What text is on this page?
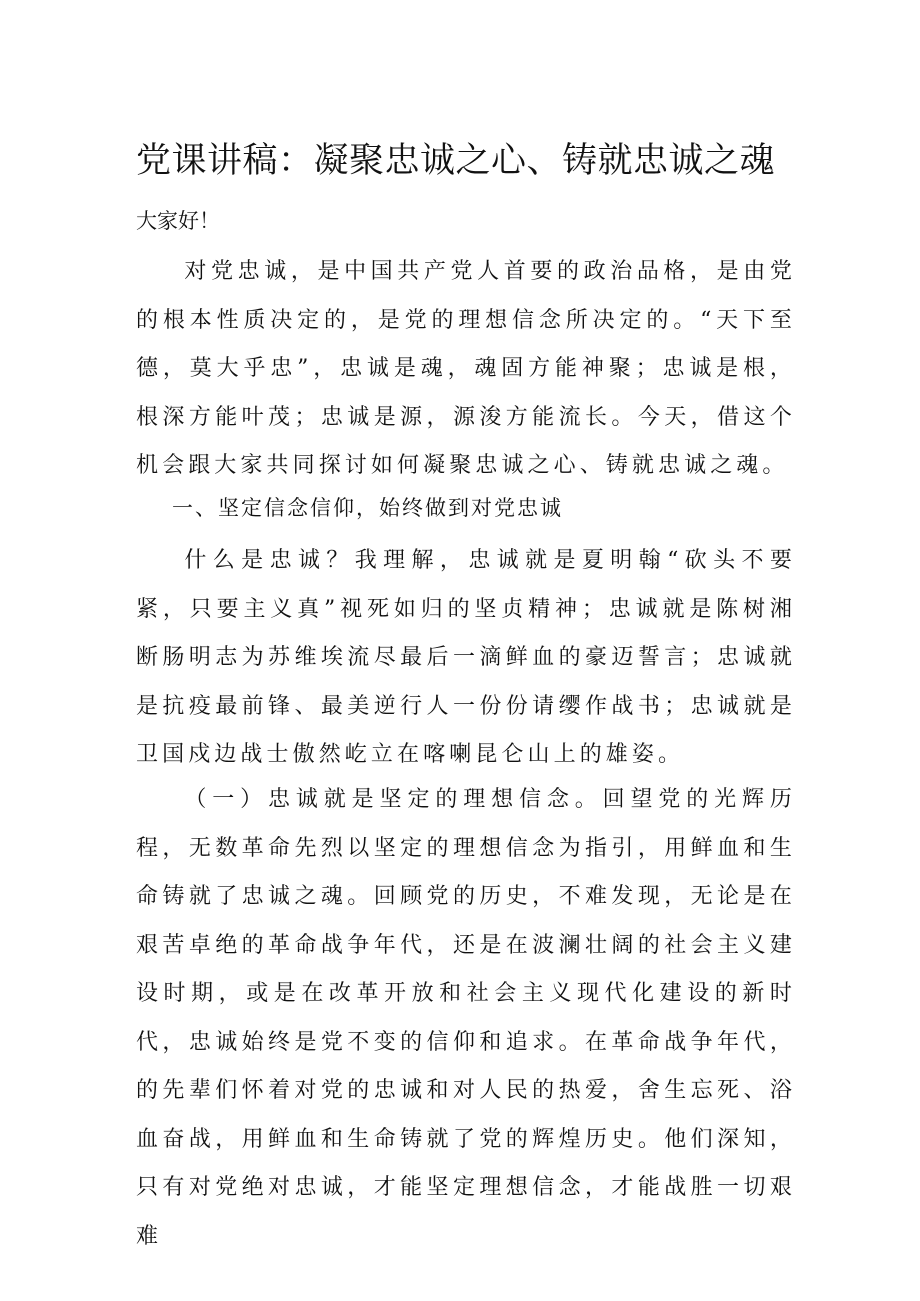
党课讲稿：凝聚忠诚之心、铸就忠诚之魂

大家好！

对党忠诚，是中国共产党人首要的政治品格，是由党的根本性质决定的，是党的理想信念所决定的。“天下至德，莫大乎忠”，忠诚是魂，魂固方能神聚；忠诚是根，根深方能叶茂；忠诚是源，源浚方能流长。今天，借这个机会跟大家共同探讨如何凝聚忠诚之心、铸就忠诚之魂。

一、坚定信念信仰，始终做到对党忠诚

什么是忠诚？我理解，忠诚就是夏明翰“砍头不要紧，只要主义真”视死如归的坚贞精神；忠诚就是陈树湘断肠明志为苏维埃流尽最后一滴鲜血的豪迈誓言；忠诚就是抗疫最前锋、最美逆行人一份份请缨作战书；忠诚就是卫国戍边战士傲然屹立在喀喇昆仑山上的雄姿。

（一）忠诚就是坚定的理想信念。回望党的光辉历程，无数革命先烈以坚定的理想信念为指引，用鲜血和生命铸就了忠诚之魂。回顾党的历史，不难发现，无论是在艰苦卓绝的革命战争年代，还是在波澜壮阔的社会主义建设时期，或是在改革开放和社会主义现代化建设的新时代，忠诚始终是党不变的信仰和追求。在革命战争年代，的先辈们怀着对党的忠诚和对人民的热爱，舍生忘死、浴血奋战，用鲜血和生命铸就了党的辉煌历史。他们深知，只有对党绝对忠诚，才能坚定理想信念，才能战胜一切艰难
